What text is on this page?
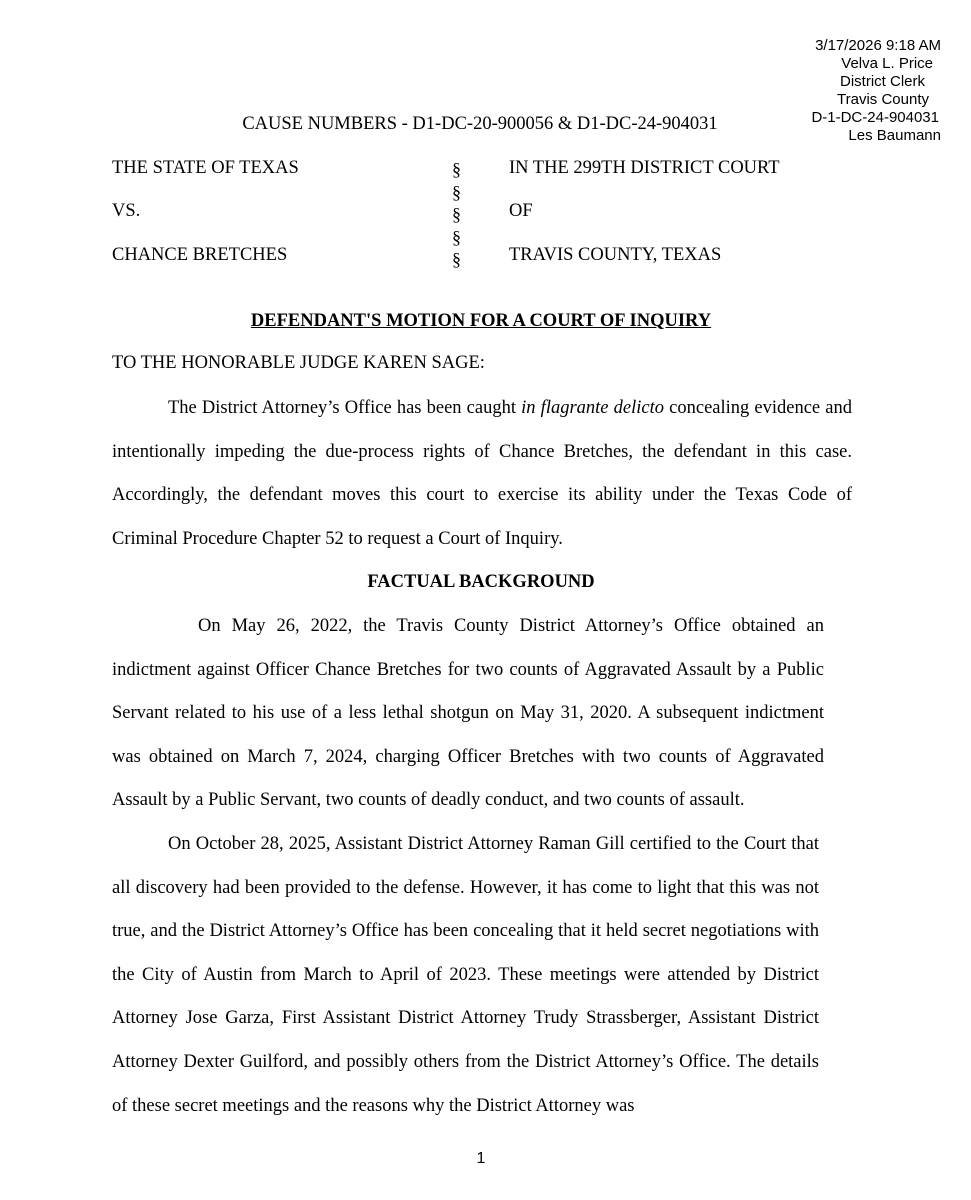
3/17/2026 9:18 AM
Velva L. Price
District Clerk
Travis County
D-1-DC-24-904031
Les Baumann
CAUSE NUMBERS - D1-DC-20-900056 & D1-DC-24-904031
THE STATE OF TEXAS
VS.
CHANCE BRETCHES
§
§
§
§
§
IN THE 299TH DISTRICT COURT
OF
TRAVIS COUNTY, TEXAS
DEFENDANT'S MOTION FOR A COURT OF INQUIRY
TO THE HONORABLE JUDGE KAREN SAGE:

The District Attorney’s Office has been caught in flagrante delicto concealing evidence and intentionally impeding the due-process rights of Chance Bretches, the defendant in this case. Accordingly, the defendant moves this court to exercise its ability under the Texas Code of Criminal Procedure Chapter 52 to request a Court of Inquiry.

FACTUAL BACKGROUND

On May 26, 2022, the Travis County District Attorney’s Office obtained an indictment against Officer Chance Bretches for two counts of Aggravated Assault by a Public Servant related to his use of a less lethal shotgun on May 31, 2020. A subsequent indictment was obtained on March 7, 2024, charging Officer Bretches with two counts of Aggravated Assault by a Public Servant, two counts of deadly conduct, and two counts of assault.

On October 28, 2025, Assistant District Attorney Raman Gill certified to the Court that all discovery had been provided to the defense. However, it has come to light that this was not true, and the District Attorney’s Office has been concealing that it held secret negotiations with the City of Austin from March to April of 2023. These meetings were attended by District Attorney Jose Garza, First Assistant District Attorney Trudy Strassberger, Assistant District Attorney Dexter Guilford, and possibly others from the District Attorney’s Office. The details of these secret meetings and the reasons why the District Attorney was

1
